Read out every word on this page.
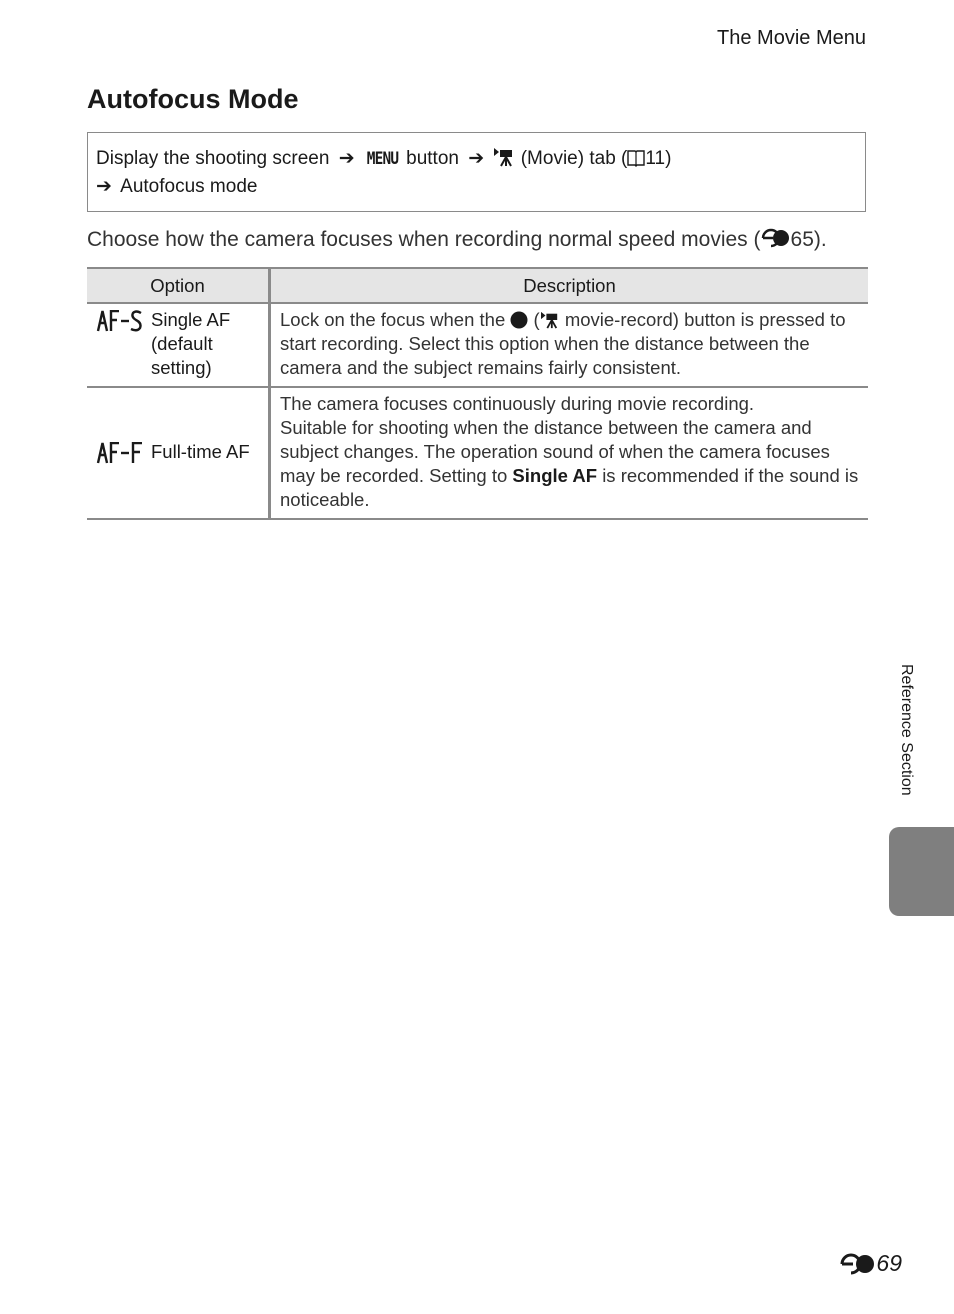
The Movie Menu
Autofocus Mode
Display the shooting screen ➔ MENU button ➔ (Movie) tab ( 11)
➔ Autofocus mode
Choose how the camera focuses when recording normal speed movies ( 65).
Option	Description

Single AF
(default
setting)	Lock on the focus when the ( movie-record) button is pressed to start recording. Select this option when the distance between the camera and the subject remains fairly consistent.

Full-time AF	The camera focuses continuously during movie recording.
Suitable for shooting when the distance between the camera and subject changes. The operation sound of when the camera focuses may be recorded. Setting to Single AF is recommended if the sound is noticeable.
Reference Section
69
